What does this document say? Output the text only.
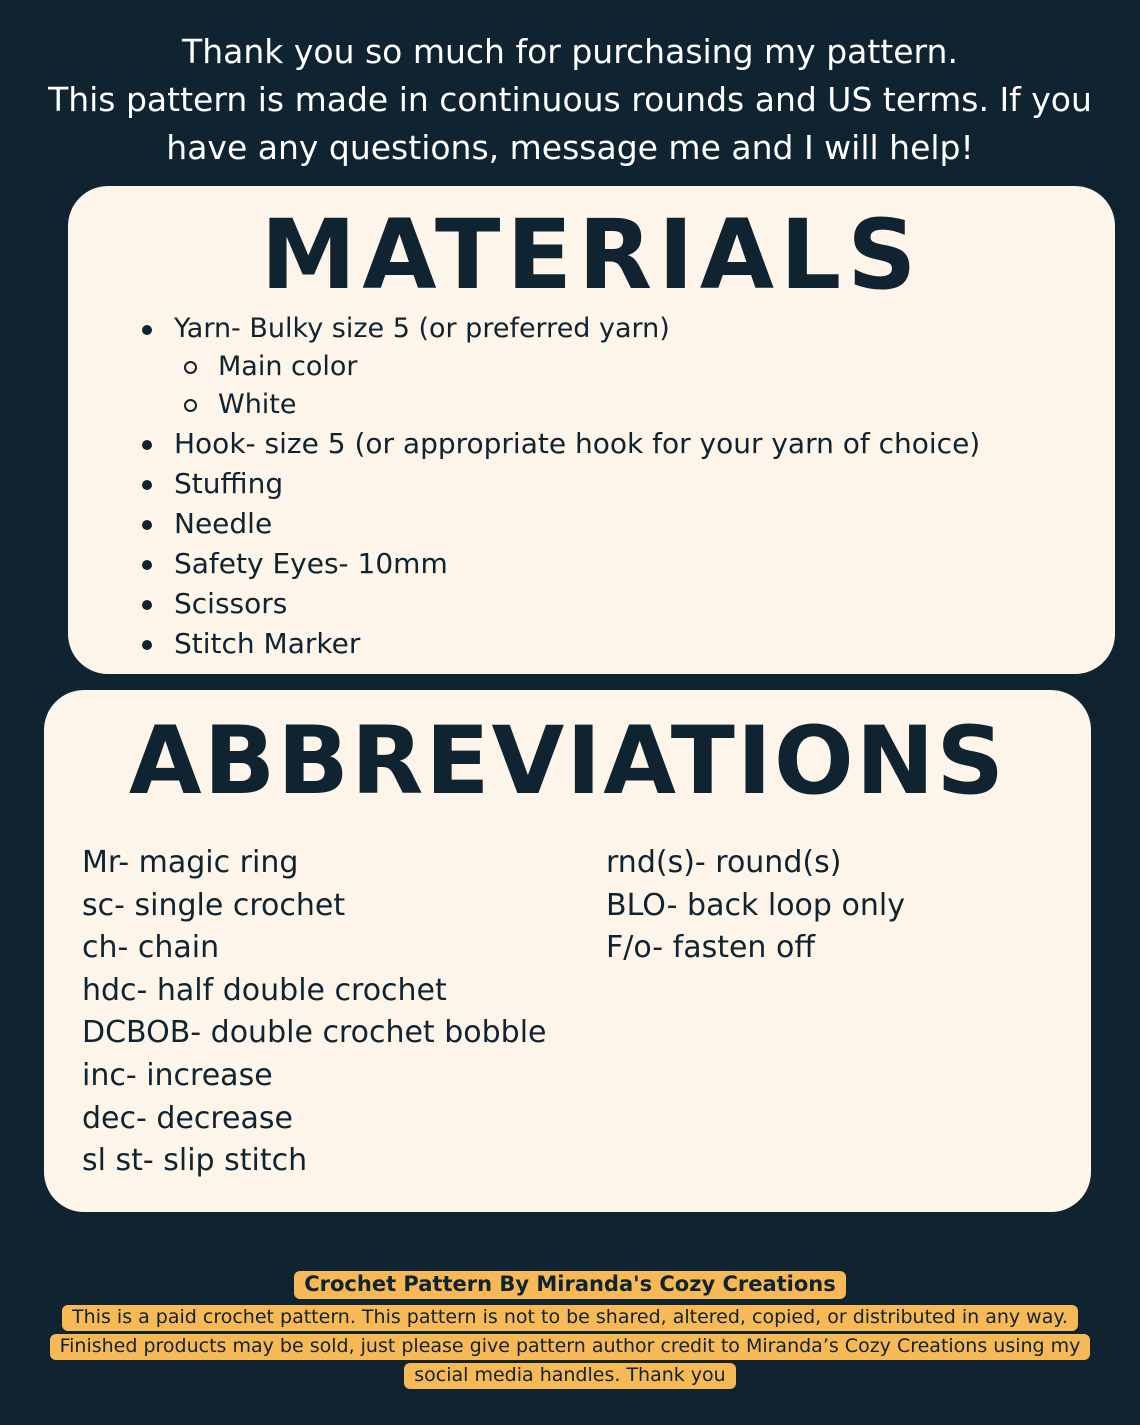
Thank you so much for purchasing my pattern.
This pattern is made in continuous rounds and US terms. If you
have any questions, message me and I will help!
MATERIALS
Yarn- Bulky size 5 (or preferred yarn)
Main color
White
Hook- size 5 (or appropriate hook for your yarn of choice)
Stuffing
Needle
Safety Eyes- 10mm
Scissors
Stitch Marker
ABBREVIATIONS
Mr- magic ring
sc- single crochet
ch- chain
hdc- half double crochet
DCBOB- double crochet bobble
inc- increase
dec- decrease
sl st- slip stitch
rnd(s)- round(s)
BLO- back loop only
F/o- fasten off
Crochet Pattern By Miranda's Cozy Creations
This is a paid crochet pattern. This pattern is not to be shared, altered, copied, or distributed in any way.
Finished products may be sold, just please give pattern author credit to Miranda’s Cozy Creations using my
social media handles. Thank you
